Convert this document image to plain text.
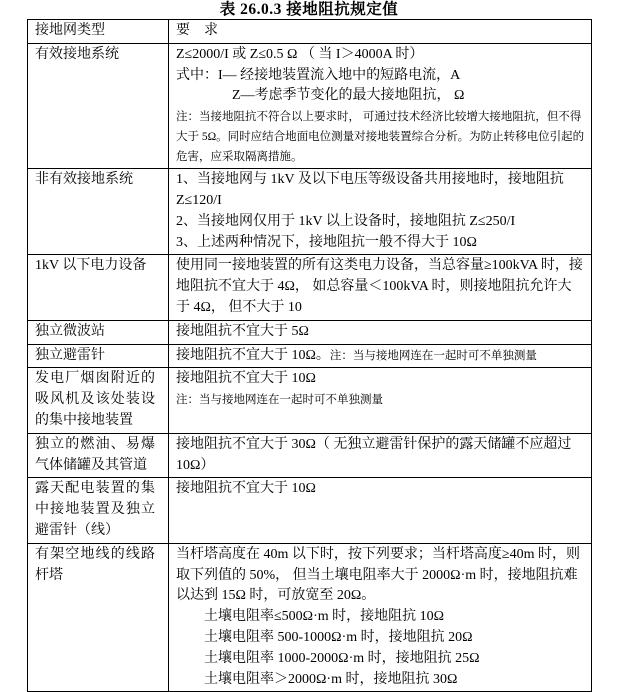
表 26.0.3 接地阻抗规定值
接地网类型	要　求
有效接地系统	Z≤2000/I 或 Z≤0.5 Ω （ 当 I＞4000A 时）
式中：I— 经接地装置流入地中的短路电流，A
Z—考虑季节变化的最大接地阻抗， Ω
注：当接地阻抗不符合以上要求时， 可通过技术经济比较增大接地阻抗，但不得大于 5Ω。同时应结合地面电位测量对接地装置综合分析。为防止转移电位引起的危害，应采取隔离措施。

非有效接地系统	1、当接地网与 1kV 及以下电压等级设备共用接地时，接地阻抗 Z≤120/I
2、当接地网仅用于 1kV 以上设备时，接地阻抗 Z≤250/I
3、上述两种情况下，接地阻抗一般不得大于 10Ω

1kV 以下电力设备	使用同一接地装置的所有这类电力设备，当总容量≥100kVA 时，接地阻抗不宜大于 4Ω， 如总容量＜100kVA 时，则接地阻抗允许大于 4Ω， 但不大于 10

独立微波站	接地阻抗不宜大于 5Ω

独立避雷针	接地阻抗不宜大于 10Ω。注：当与接地网连在一起时可不单独测量

发电厂烟囱附近的吸风机及该处装设的集中接地装置	接地阻抗不宜大于 10Ω
注：当与接地网连在一起时可不单独测量

独立的燃油、易爆气体储罐及其管道	接地阻抗不宜大于 30Ω（ 无独立避雷针保护的露天储罐不应超过 10Ω）

露天配电装置的集中接地装置及独立避雷针（线）	接地阻抗不宜大于 10Ω

有架空地线的线路杆塔	当杆塔高度在 40m 以下时，按下列要求；当杆塔高度≥40m 时，则取下列值的 50%， 但当土壤电阻率大于 2000Ω·m 时，接地阻抗难以达到 15Ω 时，可放宽至 20Ω。
土壤电阻率≤500Ω·m 时，接地阻抗 10Ω
土壤电阻率 500-1000Ω·m 时，接地阻抗 20Ω
土壤电阻率 1000-2000Ω·m 时，接地阻抗 25Ω
土壤电阻率＞2000Ω·m 时，接地阻抗 30Ω
